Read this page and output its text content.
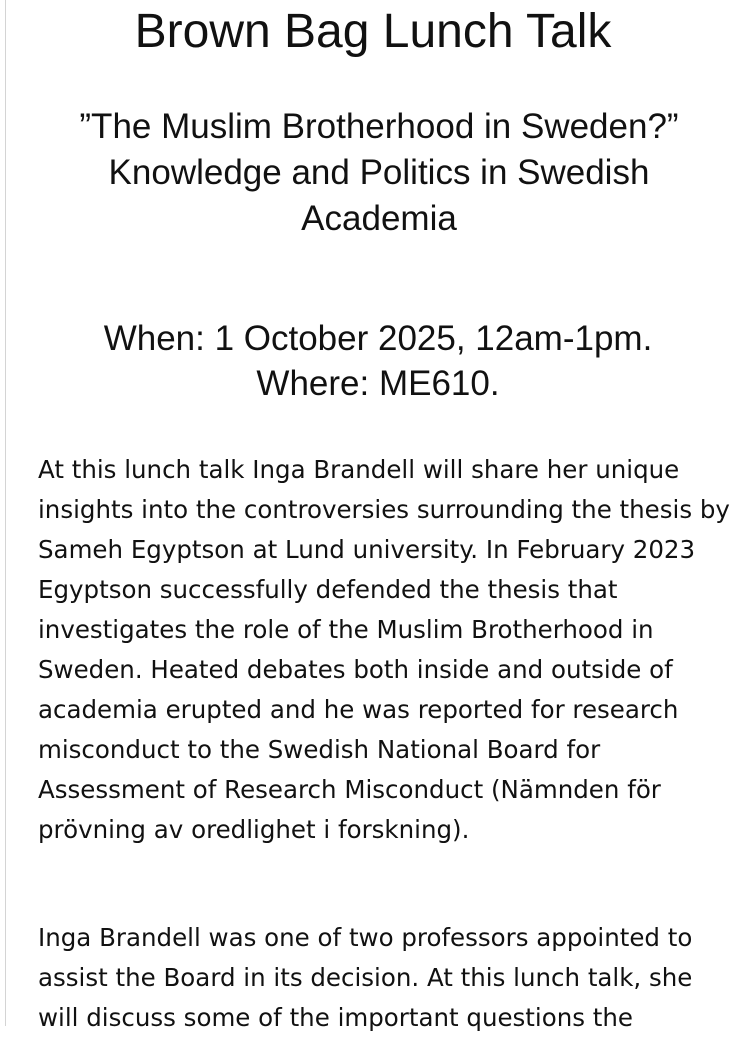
Brown Bag Lunch Talk
”The Muslim Brotherhood in Sweden?”
Knowledge and Politics in Swedish
Academia
When: 1 October 2025, 12am-1pm.
Where: ME610.

At this lunch talk Inga Brandell will share her unique insights into the controversies surrounding the thesis by Sameh Egyptson at Lund university. In February 2023 Egyptson successfully defended the thesis that investigates the role of the Muslim Brotherhood in Sweden. Heated debates both inside and outside of academia erupted and he was reported for research misconduct to the Swedish National Board for Assessment of Research Misconduct (Nämnden för prövning av oredlighet i forskning).

Inga Brandell was one of two professors appointed to assist the Board in its decision. At this lunch talk, she will discuss some of the important questions the
